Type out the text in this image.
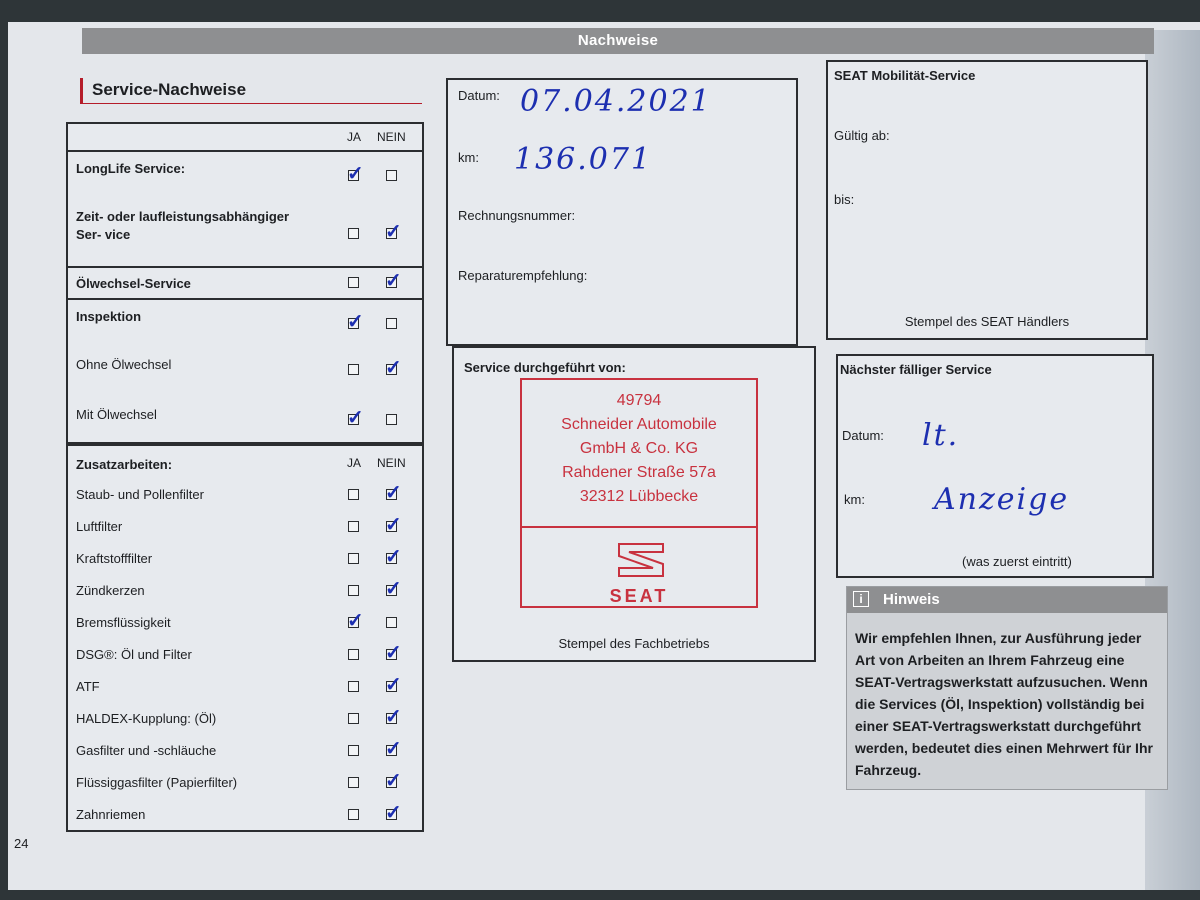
Nachweise
Service-Nachweise
JA NEIN
LongLife Service:
✓
Zeit- oder laufleistungsabhängiger Ser- vice
✓
Ölwechsel-Service
✓
Inspektion
✓
Ohne Ölwechsel
✓
Mit Ölwechsel
✓
Zusatzarbeiten:	JA NEIN
Staub- und Pollenfilter
✓
Luftfilter
✓
Kraftstofffilter
✓
Zündkerzen
✓
Bremsflüssigkeit
✓
DSG®: Öl und Filter
✓
ATF
✓
HALDEX-Kupplung: (Öl)
✓
Gasfilter und -schläuche
✓
Flüssiggasfilter (Papierfilter)
✓
Zahnriemen
✓
Datum: 07.04.2021
km: 136.071
Rechnungsnummer:
Reparaturempfehlung:
Service durchgeführt von:
49794
Schneider Automobile
GmbH & Co. KG
Rahdener Straße 57a
32312 Lübbecke
SEAT
Stempel des Fachbetriebs
SEAT Mobilität-Service
Gültig ab:
bis:
Stempel des SEAT Händlers
Nächster fälliger Service
Datum: lt.
km: Anzeige
(was zuerst eintritt)
i	Hinweis
Wir empfehlen Ihnen, zur Ausführung jeder Art von Arbeiten an Ihrem Fahrzeug eine SEAT-Vertragswerkstatt aufzusuchen. Wenn die Services (Öl, Inspektion) vollständig bei einer SEAT-Vertragswerkstatt durchgeführt werden, bedeutet dies einen Mehrwert für Ihr Fahrzeug.
24
